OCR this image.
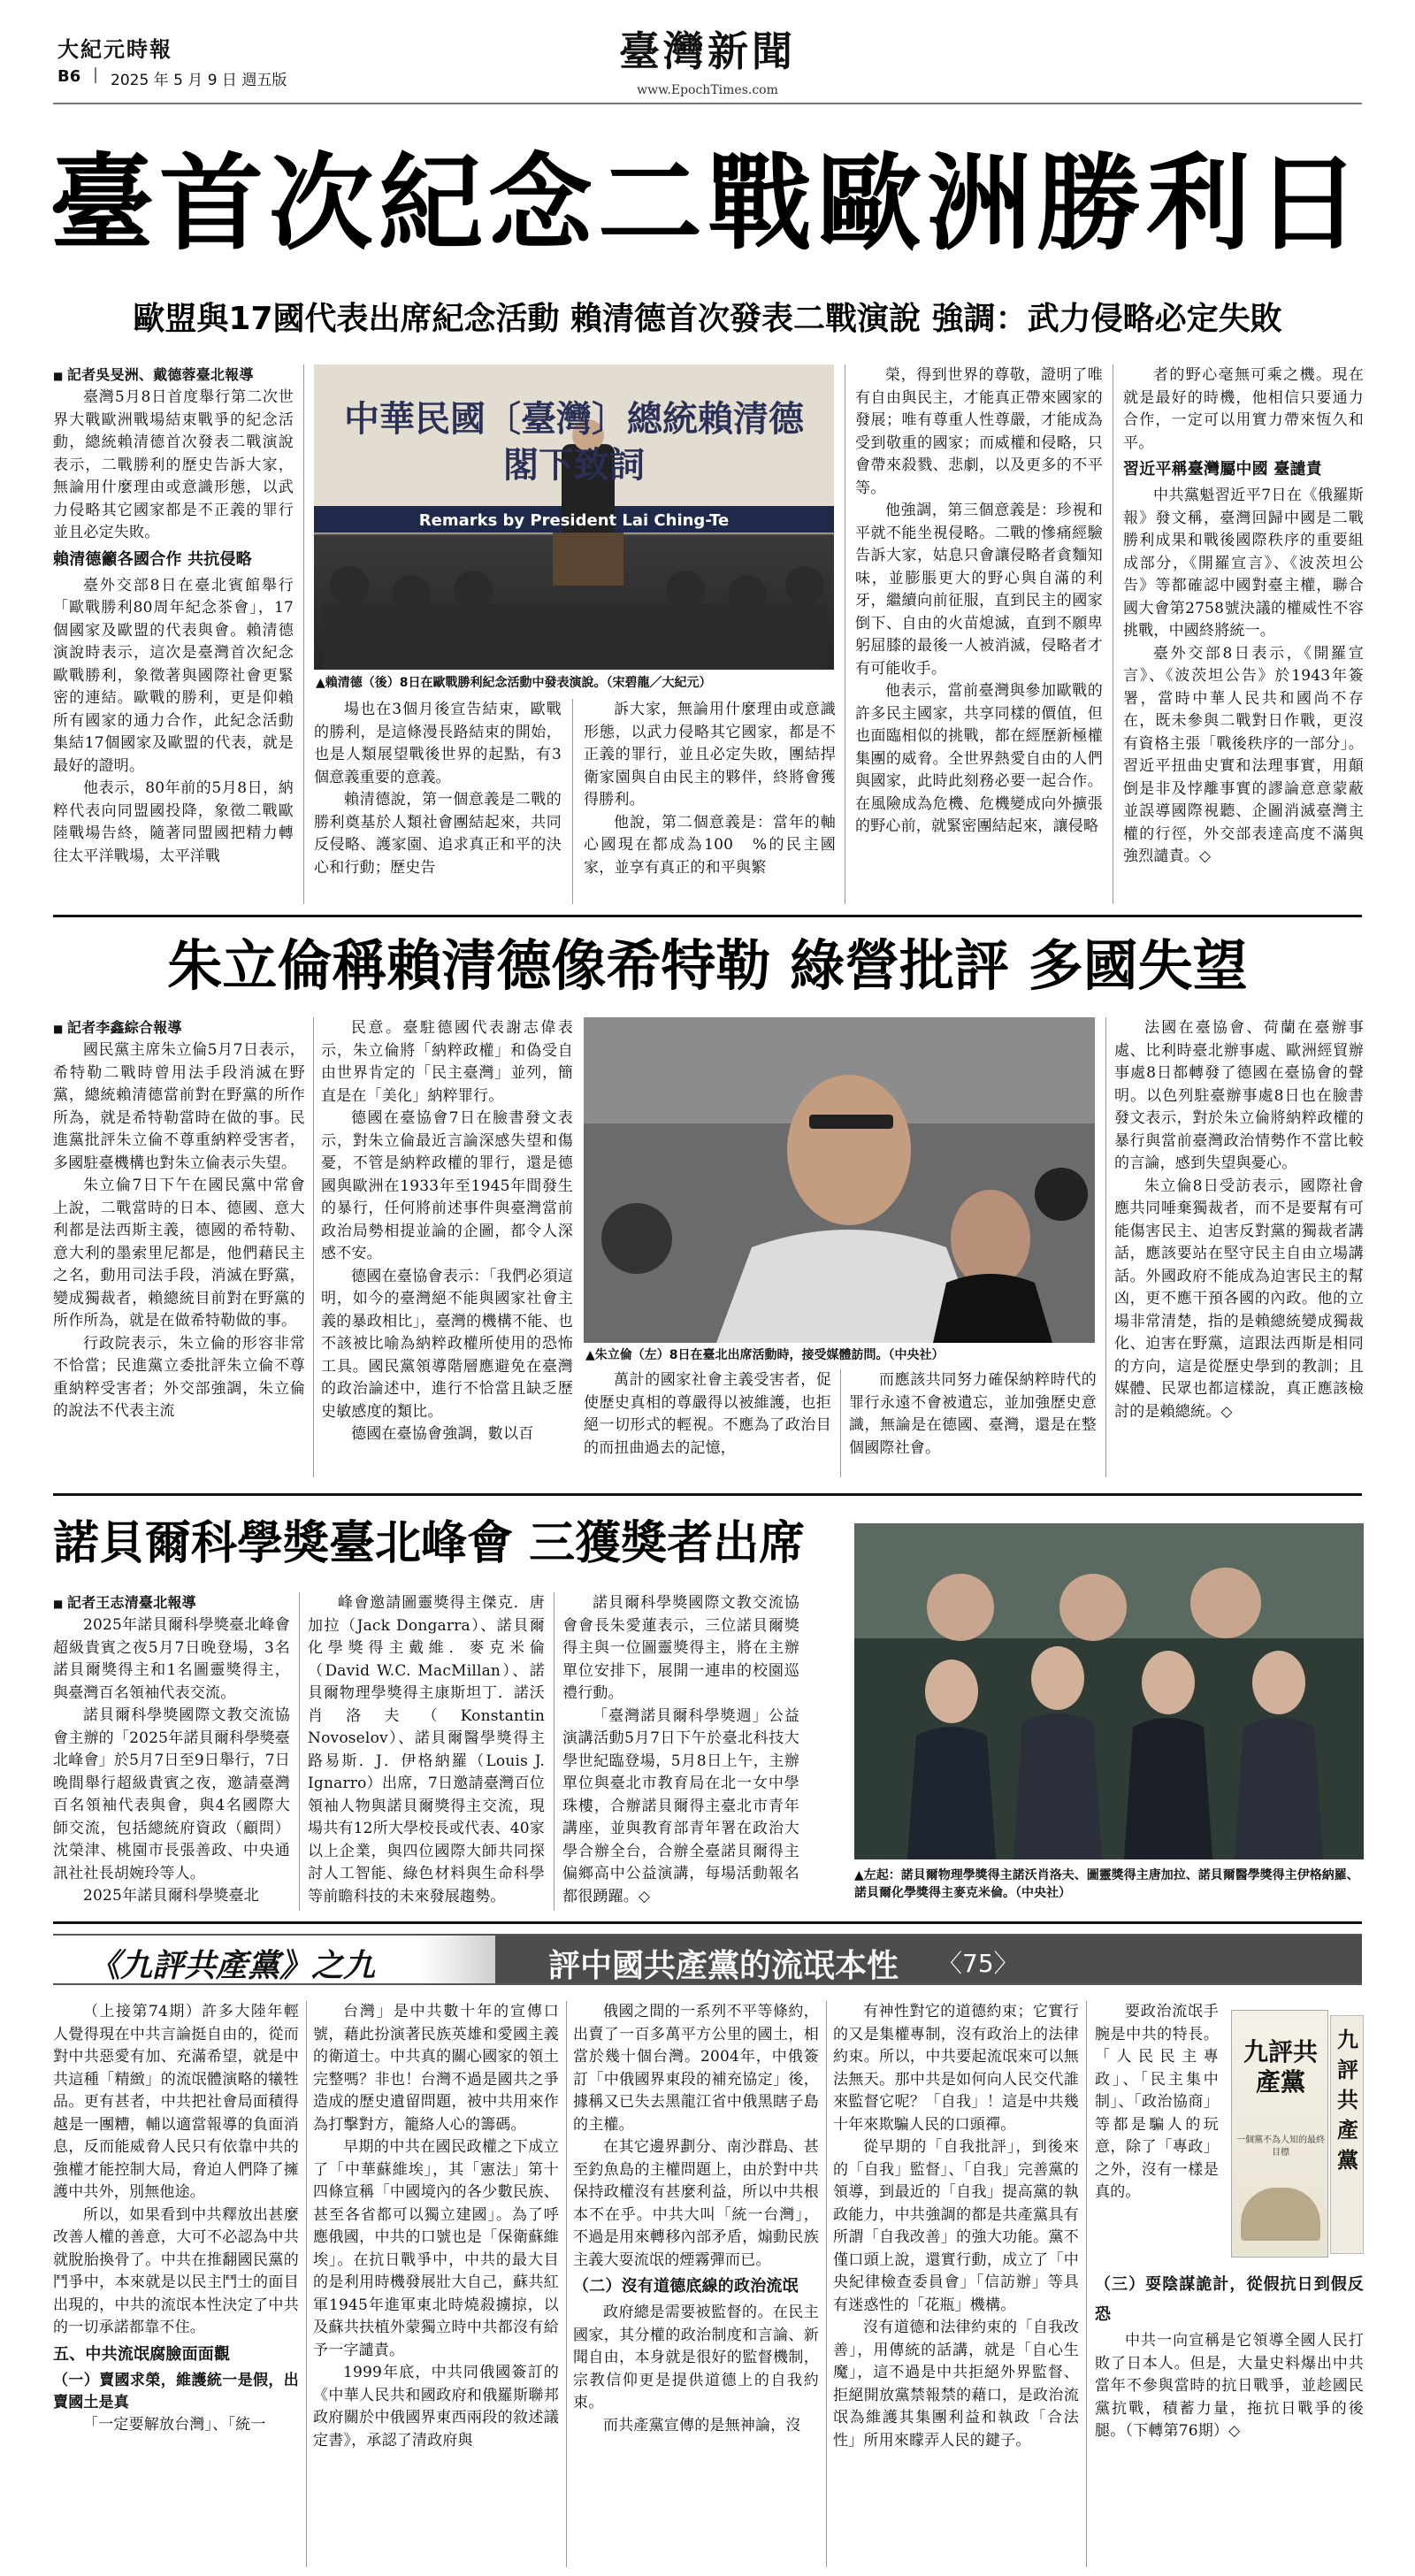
大紀元時報
B6 | 2025 年 5 月 9 日 週五版
臺灣新聞
www.EpochTimes.com
臺首次紀念二戰歐洲勝利日
歐盟與17國代表出席紀念活動 賴清德首次發表二戰演說 強調：武力侵略必定失敗

■ 記者吳旻洲、戴德蓉臺北報導

臺灣5月8日首度舉行第二次世界大戰歐洲戰場結束戰爭的紀念活動，總統賴清德首次發表二戰演說表示，二戰勝利的歷史告訴大家，無論用什麼理由或意識形態，以武力侵略其它國家都是不正義的罪行並且必定失敗。

賴清德籲各國合作 共抗侵略

臺外交部8日在臺北賓館舉行「歐戰勝利80周年紀念茶會」，17個國家及歐盟的代表與會。賴清德演說時表示，這次是臺灣首次紀念歐戰勝利，象徵著與國際社會更緊密的連結。歐戰的勝利，更是仰賴所有國家的通力合作，此紀念活動集結17個國家及歐盟的代表，就是最好的證明。

他表示，80年前的5月8日，納粹代表向同盟國投降，象徵二戰歐陸戰場告終，隨著同盟國把精力轉往太平洋戰場，太平洋戰

中華民國〔臺灣〕總統賴清德閣下致詞
Remarks by President Lai Ching-Te
▲賴清德（後）8日在歐戰勝利紀念活動中發表演說。（宋碧龍／大紀元）

場也在3個月後宣告結束，歐戰的勝利，是這條漫長路結束的開始，也是人類展望戰後世界的起點，有3個意義重要的意義。

賴清德說，第一個意義是二戰的勝利奠基於人類社會團結起來，共同反侵略、護家園、追求真正和平的決心和行動；歷史告

訴大家，無論用什麼理由或意識形態，以武力侵略其它國家，都是不正義的罪行，並且必定失敗，團結捍衛家園與自由民主的夥伴，終將會獲得勝利。

他說，第二個意義是：當年的軸心國現在都成為100　%的民主國家，並享有真正的和平與繁

榮，得到世界的尊敬，證明了唯有自由與民主，才能真正帶來國家的發展；唯有尊重人性尊嚴，才能成為受到敬重的國家；而威權和侵略，只會帶來殺戮、悲劇，以及更多的不平等。

他強調，第三個意義是：珍視和平就不能坐視侵略。二戰的慘痛經驗告訴大家，姑息只會讓侵略者貪麵知味，並膨脹更大的野心與自滿的利牙，繼續向前征服，直到民主的國家倒下、自由的火苗熄滅，直到不願卑躬屈膝的最後一人被消滅，侵略者才有可能收手。

他表示，當前臺灣與參加歐戰的許多民主國家，共享同樣的價值，但也面臨相似的挑戰，都在經歷新極權集團的威脅。全世界熱愛自由的人們與國家，此時此刻務必要一起合作。在風險成為危機、危機變成向外擴張的野心前，就緊密團結起來，讓侵略

者的野心毫無可乘之機。現在就是最好的時機，他相信只要通力合作，一定可以用實力帶來恆久和平。

習近平稱臺灣屬中國 臺譴責

中共黨魁習近平7日在《俄羅斯報》發文稱，臺灣回歸中國是二戰勝利成果和戰後國際秩序的重要組成部分，《開羅宣言》、《波茨坦公告》等都確認中國對臺主權，聯合國大會第2758號決議的權威性不容挑戰，中國終將統一。

臺外交部8日表示，《開羅宣言》、《波茨坦公告》於1943年簽署，當時中華人民共和國尚不存在，既未參與二戰對日作戰，更沒有資格主張「戰後秩序的一部分」。習近平扭曲史實和法理事實，用顛倒是非及悖離事實的謬論意意蒙蔽並誤導國際視聽、企圖消滅臺灣主權的行徑，外交部表達高度不滿與強烈譴責。◇

朱立倫稱賴清德像希特勒 綠營批評 多國失望

■ 記者李鑫綜合報導

國民黨主席朱立倫5月7日表示，希特勒二戰時曾用法手段消滅在野黨，總統賴清德當前對在野黨的所作所為，就是希特勒當時在做的事。民進黨批評朱立倫不尊重納粹受害者，多國駐臺機構也對朱立倫表示失望。

朱立倫7日下午在國民黨中常會上說，二戰當時的日本、德國、意大利都是法西斯主義，德國的希特勒、意大利的墨索里尼都是，他們藉民主之名，動用司法手段，消滅在野黨，變成獨裁者，賴總統目前對在野黨的所作所為，就是在做希特勒做的事。

行政院表示，朱立倫的形容非常不恰當；民進黨立委批評朱立倫不尊重納粹受害者；外交部強調，朱立倫的說法不代表主流

民意。臺駐德國代表謝志偉表示，朱立倫將「納粹政權」和偽受自由世界肯定的「民主臺灣」並列，簡直是在「美化」納粹罪行。

德國在臺協會7日在臉書發文表示，對朱立倫最近言論深感失望和傷憂，不管是納粹政權的罪行，還是德國與歐洲在1933年至1945年間發生的暴行，任何將前述事件與臺灣當前政治局勢相提並論的企圖，都令人深感不安。

德國在臺協會表示：「我們必須這明，如今的臺灣絕不能與國家社會主義的暴政相比」，臺灣的機構不能、也不該被比喻為納粹政權所使用的恐怖工具。國民黨領導階層應避免在臺灣的政治論述中，進行不恰當且缺乏歷史敏感度的類比。

德國在臺協會強調，數以百

▲朱立倫（左）8日在臺北出席活動時，接受媒體訪問。（中央社）

萬計的國家社會主義受害者，促使歷史真相的尊嚴得以被維護，也拒絕一切形式的輕視。不應為了政治目的而扭曲過去的記憶，

而應該共同努力確保納粹時代的罪行永遠不會被遺忘，並加強歷史意識，無論是在德國、臺灣，還是在整個國際社會。

法國在臺協會、荷蘭在臺辦事處、比利時臺北辦事處、歐洲經貿辦事處8日都轉發了德國在臺協會的聲明。以色列駐臺辦事處8日也在臉書發文表示，對於朱立倫將納粹政權的暴行與當前臺灣政治情勢作不當比較的言論，感到失望與憂心。

朱立倫8日受訪表示，國際社會應共同唾棄獨裁者，而不是要幫有可能傷害民主、迫害反對黨的獨裁者講話，應該要站在堅守民主自由立場講話。外國政府不能成為迫害民主的幫凶，更不應干預各國的內政。他的立場非常清楚，指的是賴總統變成獨裁化、迫害在野黨，這跟法西斯是相同的方向，這是從歷史學到的教訓；且媒體、民眾也都這樣說，真正應該檢討的是賴總統。◇

諾貝爾科學獎臺北峰會 三獲獎者出席

■ 記者王志清臺北報導

2025年諾貝爾科學獎臺北峰會超級貴賓之夜5月7日晚登場，3名諾貝爾獎得主和1名圖靈獎得主，與臺灣百名領袖代表交流。

諾貝爾科學獎國際文教交流協會主辦的「2025年諾貝爾科學獎臺北峰會」於5月7日至9日舉行，7日晚間舉行超級貴賓之夜，邀請臺灣百名領袖代表與會，與4名國際大師交流，包括總統府資政（顧問）沈榮津、桃園市長張善政、中央通訊社社長胡婉玲等人。

2025年諾貝爾科學獎臺北

峰會邀請圖靈獎得主傑克．唐加拉（Jack Dongarra）、諾貝爾化學獎得主戴維．麥克米倫（David W.C. MacMillan）、諾貝爾物理學獎得主康斯坦丁．諾沃肖洛夫（Konstantin Novoselov）、諾貝爾醫學獎得主路易斯．J．伊格納羅（Louis J. Ignarro）出席，7日邀請臺灣百位領袖人物與諾貝爾獎得主交流，現場共有12所大學校長或代表、40家以上企業，與四位國際大師共同探討人工智能、綠色材料與生命科學等前瞻科技的未來發展趨勢。

諾貝爾科學獎國際文教交流協會會長朱愛蓮表示，三位諾貝爾獎得主與一位圖靈獎得主，將在主辦單位安排下，展開一連串的校園巡禮行動。

「臺灣諾貝爾科學獎週」公益演講活動5月7日下午於臺北科技大學世紀臨登場，5月8日上午，主辦單位與臺北市教育局在北一女中學珠樓，合辦諾貝爾得主臺北市青年講座，並與教育部青年署在政治大學合辦全台，合辦全臺諾貝爾得主偏鄉高中公益演講，每場活動報名都很踴躍。◇

▲左起：諾貝爾物理學獎得主諾沃肖洛夫、圖靈獎得主唐加拉、諾貝爾醫學獎得主伊格納羅、諾貝爾化學獎得主麥克米倫。（中央社）
《九評共產黨》之九	評中國共產黨的流氓本性 〈75〉

（上接第74期）許多大陸年輕人覺得現在中共言論挺自由的，從而對中共惡愛有加、充滿希望，就是中共這種「精緻」的流氓體演略的犧牲品。更有甚者，中共把社會局面積得越是一團糟，輔以適當報導的負面消息，反而能威脅人民只有依靠中共的強權才能控制大局，脅迫人們降了擁護中共外，別無他途。

所以，如果看到中共釋放出甚麼改善人權的善意，大可不必認為中共就脫胎換骨了。中共在推翻國民黨的鬥爭中，本來就是以民主鬥士的面目出現的，中共的流氓本性決定了中共的一切承諾都靠不住。

五、中共流氓腐臉面面觀

（一）賣國求榮，維護統一是假，出賣國土是真

「一定要解放台灣」、「統一

台灣」是中共數十年的宣傳口號，藉此扮演著民族英雄和愛國主義的衛道士。中共真的關心國家的領土完整嗎？非也！台灣不過是國共之爭造成的歷史遺留問題，被中共用來作為打擊對方，籠絡人心的籌碼。

早期的中共在國民政權之下成立了「中華蘇維埃」，其「憲法」第十四條宣稱「中國境內的各少數民族、甚至各省都可以獨立建國」。為了呼應俄國，中共的口號也是「保衛蘇維埃」。在抗日戰爭中，中共的最大目的是利用時機發展壯大自己，蘇共紅軍1945年進軍東北時燒殺擄掠，以及蘇共扶植外蒙獨立時中共都沒有給予一字譴責。

1999年底，中共同俄國簽訂的《中華人民共和國政府和俄羅斯聯邦政府關於中俄國界東西兩段的敘述議定書》，承認了清政府與

俄國之間的一系列不平等條約，出賣了一百多萬平方公里的國土，相當於幾十個台灣。2004年，中俄簽訂「中俄國界東段的補充協定」後，據稱又已失去黑龍江省中俄黑瞎子島的主權。

在其它邊界劃分、南沙群島、甚至釣魚島的主權問題上，由於對中共保持政權沒有甚麼利益，所以中共根本不在乎。中共大叫「統一台灣」，不過是用來轉移內部矛盾，煽動民族主義大耍流氓的煙霧彈而已。

（二）沒有道德底線的政治流氓

政府總是需要被監督的。在民主國家，其分權的政治制度和言論、新聞自由，本身就是很好的監督機制，宗教信仰更是提供道德上的自我約束。

而共產黨宣傳的是無神論，沒

有神性對它的道德約束；它實行的又是集權專制，沒有政治上的法律約束。所以，中共要起流氓來可以無法無天。那中共是如何向人民交代誰來監督它呢？「自我」！這是中共幾十年來欺騙人民的口頭禪。

從早期的「自我批評」，到後來的「自我」監督」、「自我」完善黨的領導，到最近的「自我」提高黨的執政能力，中共強調的都是共產黨具有所謂「自我改善」的強大功能。黨不僅口頭上說，還實行動，成立了「中央紀律檢查委員會」「信訪辦」等具有迷惑性的「花瓶」機構。

沒有道德和法律約束的「自我改善」，用傳統的話講，就是「自心生魔」，這不過是中共拒絕外界監督、拒絕開放黨禁報禁的藉口，是政治流氓為維護其集團利益和執政「合法性」所用來矇弄人民的鍵子。

要政治流氓手腕是中共的特長。「人民民主專政」、「民主集中制」、「政治協商」等都是騙人的玩意，除了「專政」之外，沒有一樣是真的。

（三）耍陰謀詭計，從假抗日到假反恐

中共一向宣稱是它領導全國人民打敗了日本人。但是，大量史料爆出中共當年不參與當時的抗日戰爭，並趁國民黨抗戰，積蓄力量，拖抗日戰爭的後腿。（下轉第76期）◇

九評共產黨
一個黨不為人知的最終目標
九評共產黨
